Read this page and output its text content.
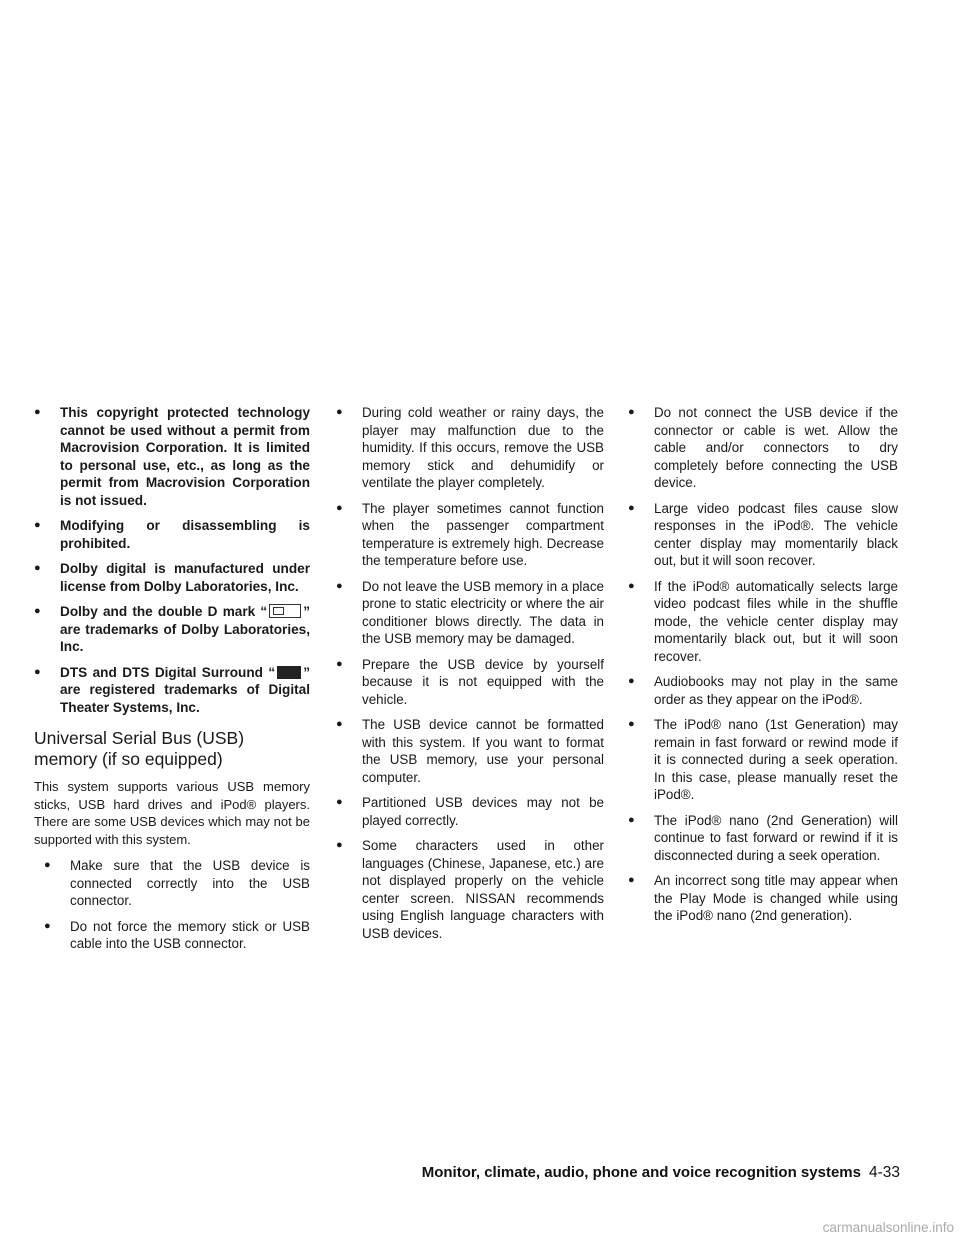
●	This copyright protected technology cannot be used without a permit from Macrovision Corporation. It is limited to personal use, etc., as long as the permit from Macrovision Corporation is not issued.
●	Modifying or disassembling is prohibited.
●	Dolby digital is manufactured under license from Dolby Laboratories, Inc.
●	Dolby and the double D mark “	” are trademarks of Dolby Laboratories, Inc.
●	DTS and DTS Digital Surround “ ” are registered trademarks of Digital Theater Systems, Inc.
Universal Serial Bus (USB) memory (if so equipped)

This system supports various USB memory sticks, USB hard drives and iPod® players. There are some USB devices which may not be supported with this system.

●	Make sure that the USB device is connected correctly into the USB connector.
●	Do not force the memory stick or USB cable into the USB connector.
●	During cold weather or rainy days, the player may malfunction due to the humidity. If this occurs, remove the USB memory stick and dehumidify or ventilate the player completely.
●	The player sometimes cannot function when the passenger compartment temperature is extremely high. Decrease the temperature before use.
●	Do not leave the USB memory in a place prone to static electricity or where the air conditioner blows directly. The data in the USB memory may be damaged.
●	Prepare the USB device by yourself because it is not equipped with the vehicle.
●	The USB device cannot be formatted with this system. If you want to format the USB memory, use your personal computer.
●	Partitioned USB devices may not be played correctly.
●	Some characters used in other languages (Chinese, Japanese, etc.) are not displayed properly on the vehicle center screen. NISSAN recommends using English language characters with USB devices.
●	Do not connect the USB device if the connector or cable is wet. Allow the cable and/or connectors to dry completely before connecting the USB device.
●	Large video podcast files cause slow responses in the iPod®. The vehicle center display may momentarily black out, but it will soon recover.
●	If the iPod® automatically selects large video podcast files while in the shuffle mode, the vehicle center display may momentarily black out, but it will soon recover.
●	Audiobooks may not play in the same order as they appear on the iPod®.
●	The iPod® nano (1st Generation) may remain in fast forward or rewind mode if it is connected during a seek operation. In this case, please manually reset the iPod®.
●	The iPod® nano (2nd Generation) will continue to fast forward or rewind if it is disconnected during a seek operation.
●	An incorrect song title may appear when the Play Mode is changed while using the iPod® nano (2nd generation).
Monitor, climate, audio, phone and voice recognition systems 4-33
carmanualsonline.info
